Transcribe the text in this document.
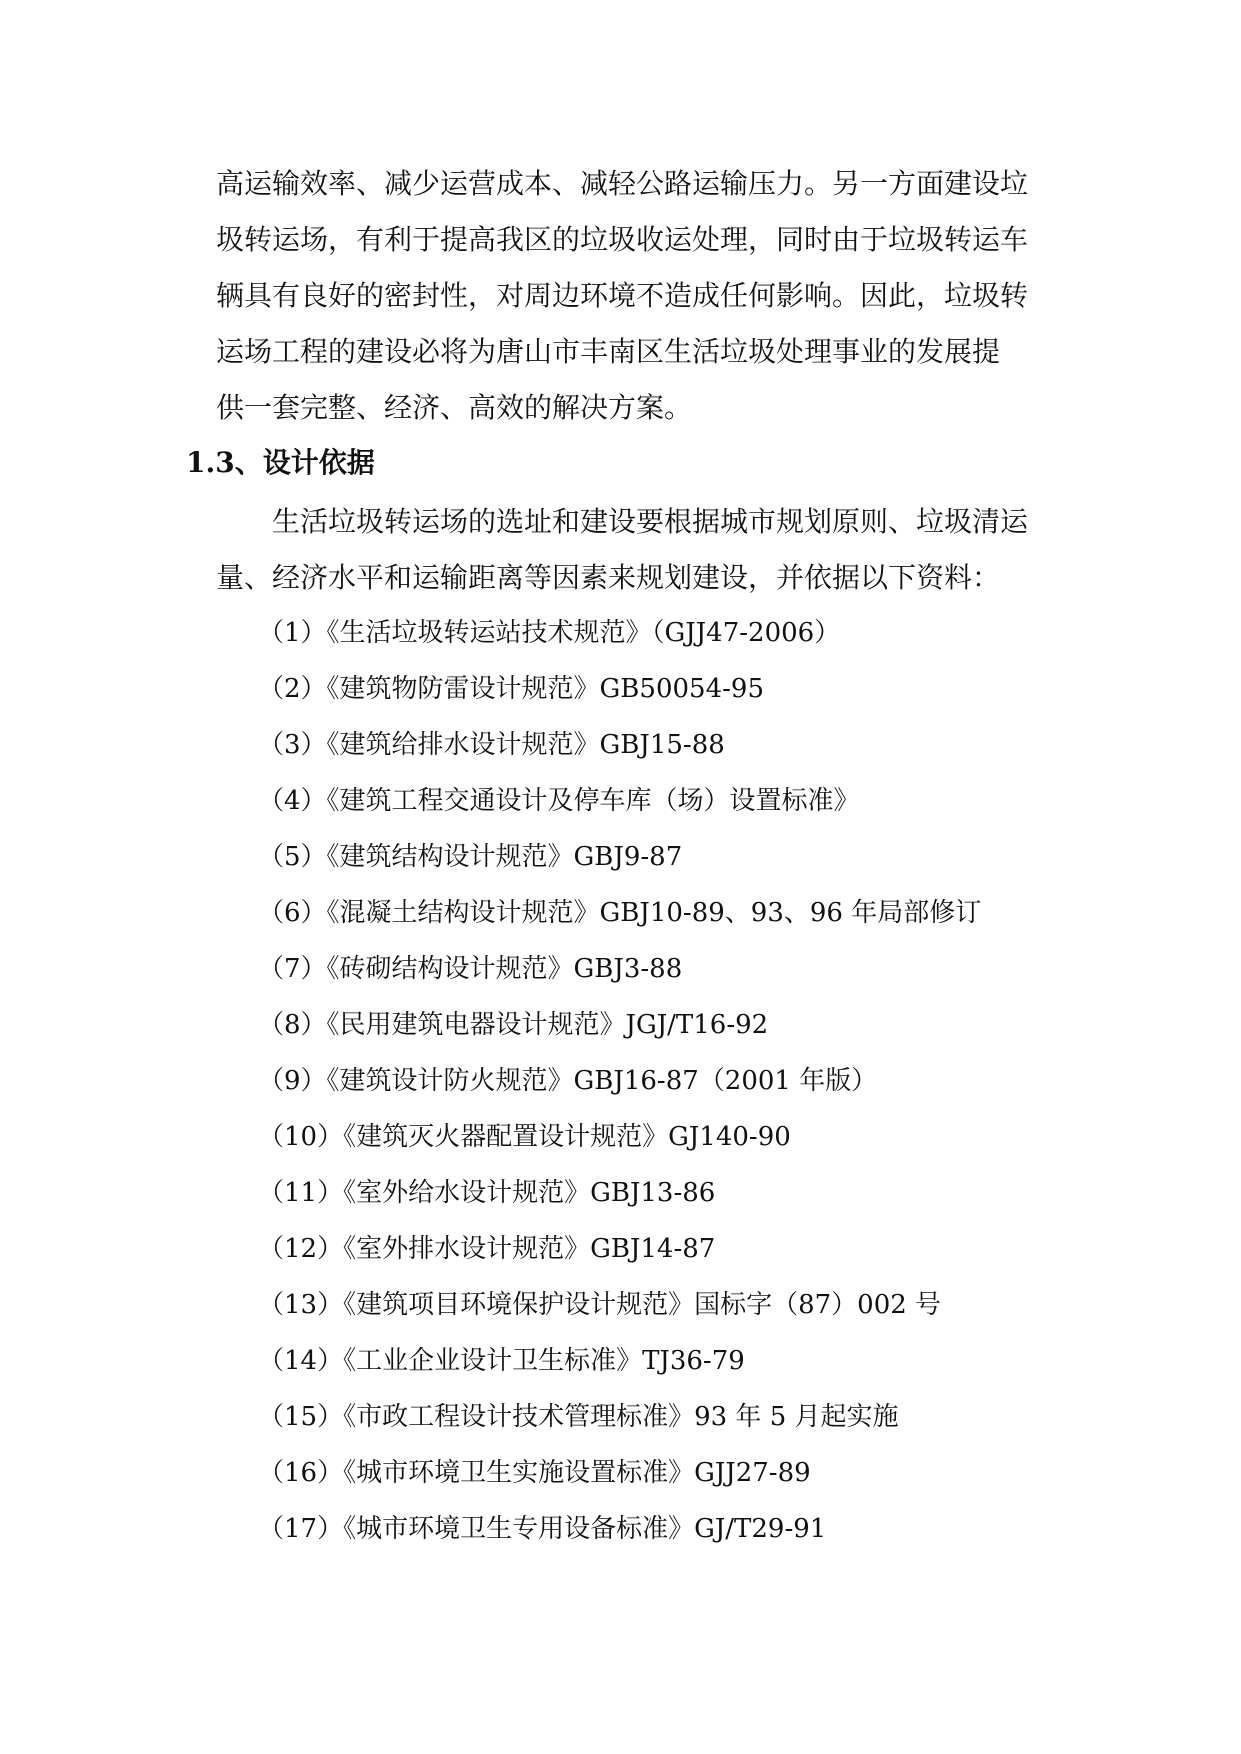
高运输效率、减少运营成本、减轻公路运输压力。另一方面建设垃
圾转运场，有利于提高我区的垃圾收运处理，同时由于垃圾转运车
辆具有良好的密封性，对周边环境不造成任何影响。因此，垃圾转
运场工程的建设必将为唐山市丰南区生活垃圾处理事业的发展提
供一套完整、经济、高效的解决方案。
1.3、设计依据
生活垃圾转运场的选址和建设要根据城市规划原则、垃圾清运
量、经济水平和运输距离等因素来规划建设，并依据以下资料：
（1）《生活垃圾转运站技术规范》（GJJ47-2006）
（2）《建筑物防雷设计规范》GB50054-95
（3）《建筑给排水设计规范》GBJ15-88
（4）《建筑工程交通设计及停车库（场）设置标准》
（5）《建筑结构设计规范》GBJ9-87
（6）《混凝土结构设计规范》GBJ10-89、93、96 年局部修订
（7）《砖砌结构设计规范》GBJ3-88
（8）《民用建筑电器设计规范》JGJ/T16-92
（9）《建筑设计防火规范》GBJ16-87（2001 年版）
（10）《建筑灭火器配置设计规范》GJ140-90
（11）《室外给水设计规范》GBJ13-86
（12）《室外排水设计规范》GBJ14-87
（13）《建筑项目环境保护设计规范》国标字（87）002 号
（14）《工业企业设计卫生标准》TJ36-79
（15）《市政工程设计技术管理标准》93 年 5 月起实施
（16）《城市环境卫生实施设置标准》GJJ27-89
（17）《城市环境卫生专用设备标准》GJ/T29-91
